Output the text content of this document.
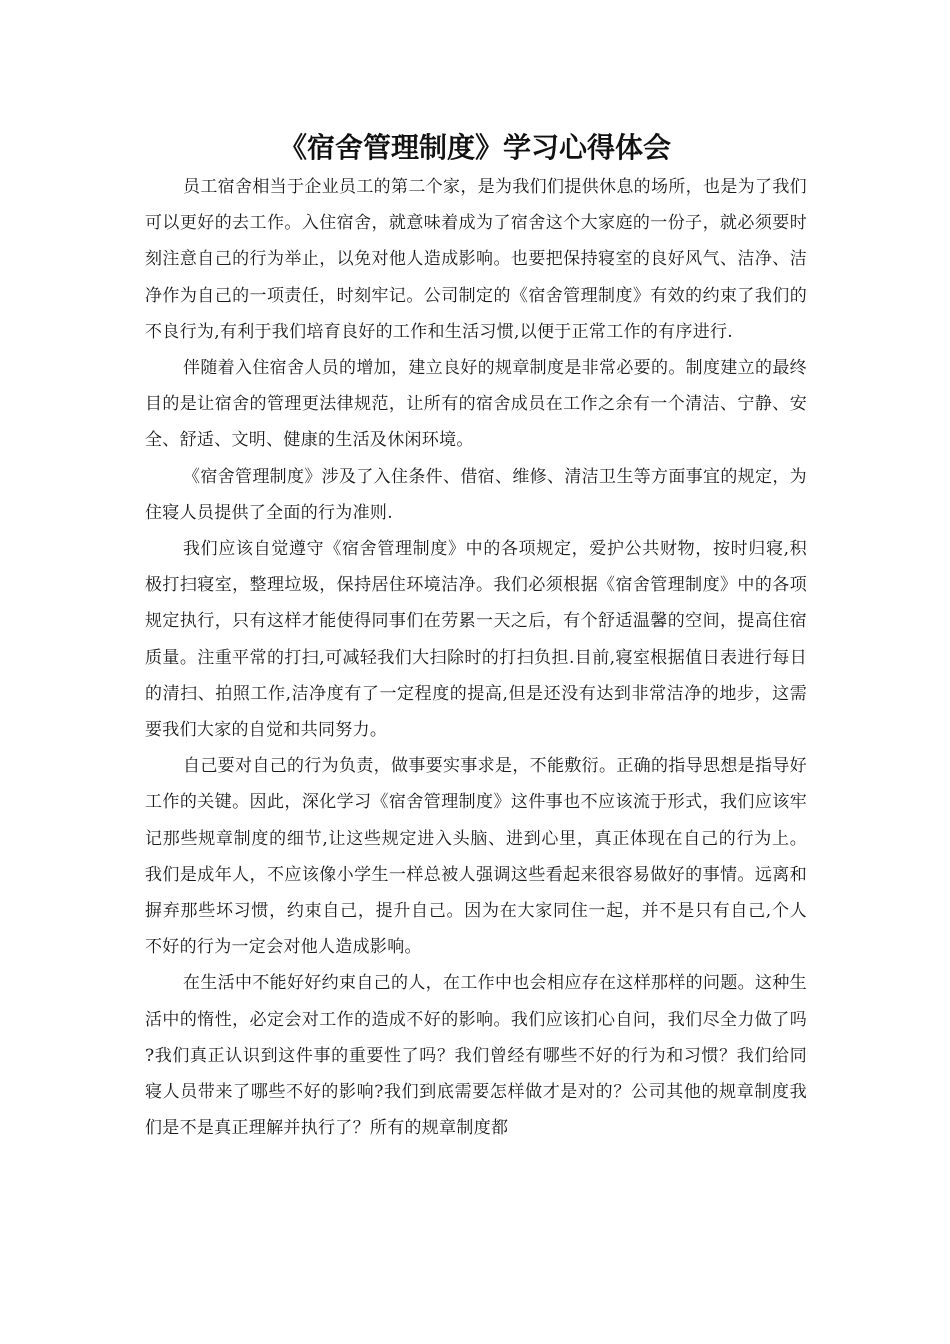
《宿舍管理制度》学习心得体会

员工宿舍相当于企业员工的第二个家，是为我们们提供休息的场所，也是为了我们可以更好的去工作。入住宿舍，就意味着成为了宿舍这个大家庭的一份子，就必须要时刻注意自己的行为举止，以免对他人造成影响。也要把保持寝室的良好风气、洁净、洁净作为自己的一项责任，时刻牢记。公司制定的《宿舍管理制度》有效的约束了我们的不良行为,有利于我们培育良好的工作和生活习惯,以便于正常工作的有序进行.

伴随着入住宿舍人员的增加，建立良好的规章制度是非常必要的。制度建立的最终目的是让宿舍的管理更法律规范，让所有的宿舍成员在工作之余有一个清洁、宁静、安全、舒适、文明、健康的生活及休闲环境。

《宿舍管理制度》涉及了入住条件、借宿、维修、清洁卫生等方面事宜的规定，为住寝人员提供了全面的行为准则.

我们应该自觉遵守《宿舍管理制度》中的各项规定，爱护公共财物，按时归寝,积极打扫寝室，整理垃圾，保持居住环境洁净。我们必须根据《宿舍管理制度》中的各项规定执行，只有这样才能使得同事们在劳累一天之后，有个舒适温馨的空间，提高住宿质量。注重平常的打扫,可减轻我们大扫除时的打扫负担.目前,寝室根据值日表进行每日的清扫、拍照工作,洁净度有了一定程度的提高,但是还没有达到非常洁净的地步，这需要我们大家的自觉和共同努力。

自己要对自己的行为负责，做事要实事求是，不能敷衍。正确的指导思想是指导好工作的关键。因此，深化学习《宿舍管理制度》这件事也不应该流于形式，我们应该牢记那些规章制度的细节,让这些规定进入头脑、进到心里，真正体现在自己的行为上。我们是成年人，不应该像小学生一样总被人强调这些看起来很容易做好的事情。远离和摒弃那些坏习惯，约束自己，提升自己。因为在大家同住一起，并不是只有自己,个人不好的行为一定会对他人造成影响。

在生活中不能好好约束自己的人，在工作中也会相应存在这样那样的问题。这种生活中的惰性，必定会对工作的造成不好的影响。我们应该扪心自问，我们尽全力做了吗?我们真正认识到这件事的重要性了吗？我们曾经有哪些不好的行为和习惯？我们给同寝人员带来了哪些不好的影响?我们到底需要怎样做才是对的？公司其他的规章制度我们是不是真正理解并执行了？所有的规章制度都
